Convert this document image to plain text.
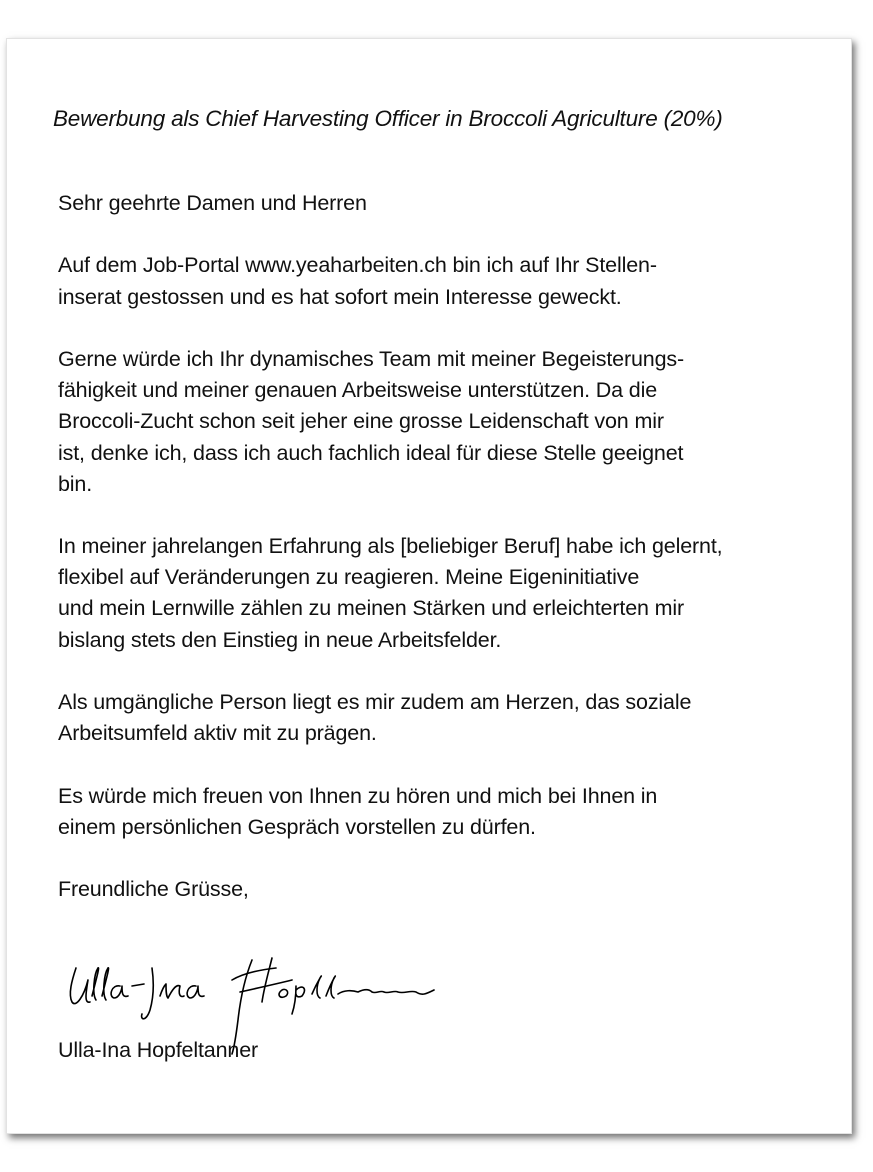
Bewerbung als Chief Harvesting Officer in Broccoli Agriculture (20%)
Sehr geehrte Damen und Herren
Auf dem Job-Portal www.yeaharbeiten.ch bin ich auf Ihr Stellen-
inserat gestossen und es hat sofort mein Interesse geweckt.
Gerne würde ich Ihr dynamisches Team mit meiner Begeisterungs-
fähigkeit und meiner genauen Arbeitsweise unterstützen. Da die
Broccoli-Zucht schon seit jeher eine grosse Leidenschaft von mir
ist, denke ich, dass ich auch fachlich ideal für diese Stelle geeignet
bin.
In meiner jahrelangen Erfahrung als [beliebiger Beruf] habe ich gelernt,
flexibel auf Veränderungen zu reagieren. Meine Eigeninitiative
und mein Lernwille zählen zu meinen Stärken und erleichterten mir
bislang stets den Einstieg in neue Arbeitsfelder.
Als umgängliche Person liegt es mir zudem am Herzen, das soziale
Arbeitsumfeld aktiv mit zu prägen.
Es würde mich freuen von Ihnen zu hören und mich bei Ihnen in
einem persönlichen Gespräch vorstellen zu dürfen.
Freundliche Grüsse,
Ulla-Ina Hopfeltanner
